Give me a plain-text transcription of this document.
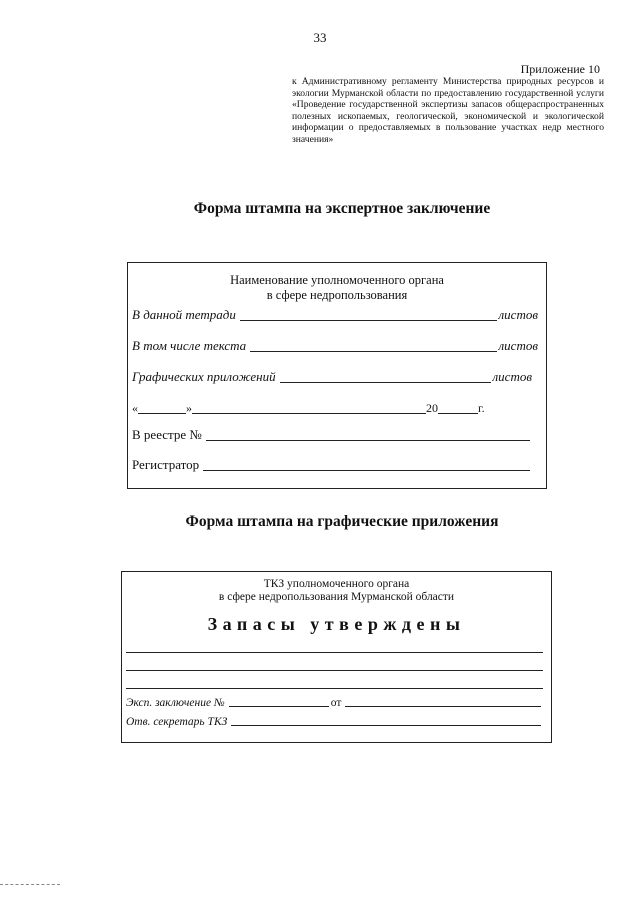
33
Приложение 10
к Административному регламенту Министерства природных ресурсов и экологии Мурманской области по предоставлению государственной услуги «Проведение государственной экспертизы запасов общераспространенных полезных ископаемых, геологической, экономической и экологической информации о предоставляемых в пользование участках недр местного значения»
Форма штампа на экспертное заключение
Наименование уполномоченного органа
в сфере недропользования
В данной тетради	листов
В том числе текста	листов
Графических приложений	листов
«	»	20	г.
В реестре №
Регистратор
Форма штампа на графические приложения
ТКЗ уполномоченного органа
в сфере недропользования Мурманской области
Запасы утверждены
Эксп. заключение №	от
Отв. секретарь ТКЗ
